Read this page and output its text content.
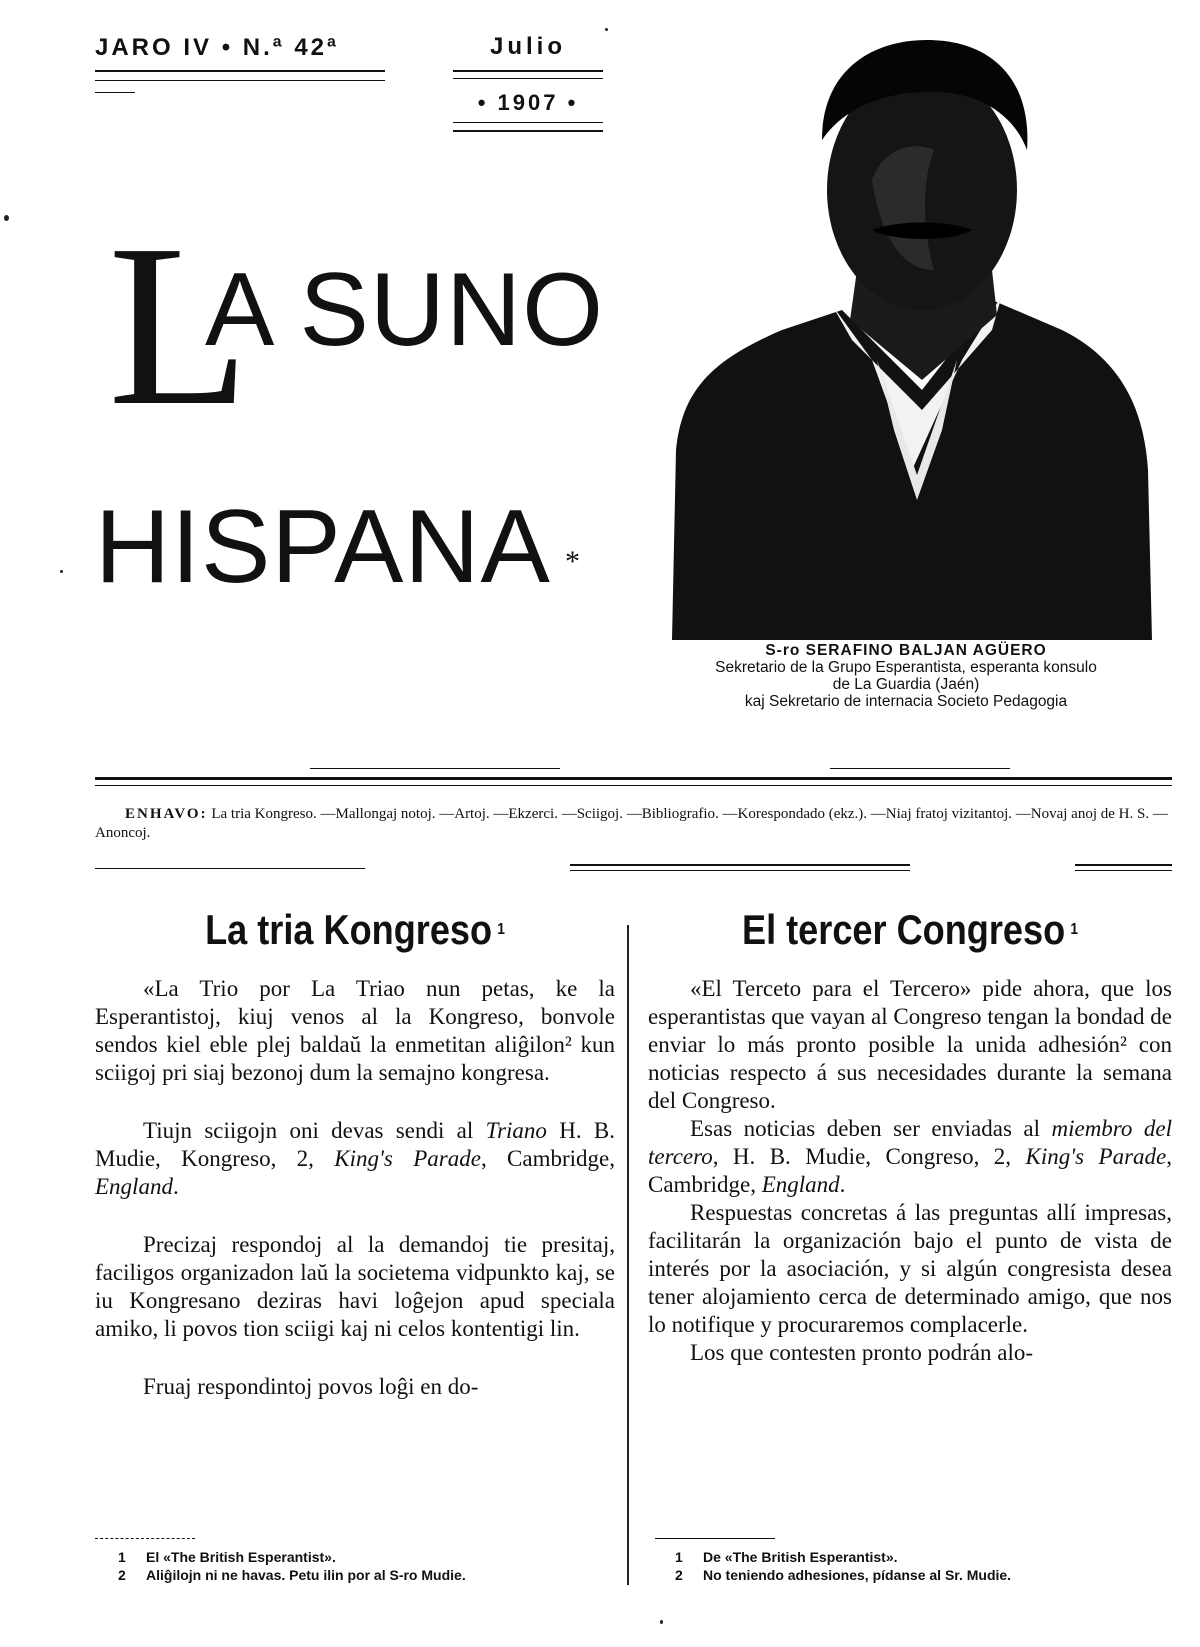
JARO IV • N.ª 42ª	Julio
• 1907 •
L
A SUNO
HISPANA *
S-ro SERAFINO BALJAN AGÜERO
Sekretario de la Grupo Esperantista, esperanta konsulo
de La Guardia (Jaén)
kaj Sekretario de internacia Societo Pedagogia
ENHAVO: La tria Kongreso. —Mallongaj notoj. —Artoj. —Ekzerci. —Sciigoj. —Bibliografio. —Korespondado (ekz.). —Niaj fratoj vizitantoj. —Novaj anoj de H. S. —Anoncoj.
La tria Kongreso $^1$

«La Trio por La Triao nun petas, ke la Esperantistoj, kiuj venos al la Kongreso, bonvole sendos kiel eble plej baldaŭ la enmetitan aliĝilon² kun sciigoj pri siaj bezonoj dum la semajno kongresa.

Tiujn sciigojn oni devas sendi al Triano H. B. Mudie, Kongreso, 2, King's Parade, Cambridge, England.

Precizaj respondoj al la demandoj tie presitaj, faciligos organizadon laŭ la societema vidpunkto kaj, se iu Kongresano deziras havi loĝejon apud speciala amiko, li povos tion sciigi kaj ni celos kontentigi lin.

Fruaj respondintoj povos loĝi en do-

El tercer Congreso $^1$

«El Terceto para el Tercero» pide ahora, que los esperantistas que vayan al Congreso tengan la bondad de enviar lo más pronto posible la unida adhesión² con noticias respecto á sus necesidades durante la semana del Congreso.

Esas noticias deben ser enviadas al miembro del tercero, H. B. Mudie, Congreso, 2, King's Parade, Cambridge, England.

Respuestas concretas á las preguntas allí impresas, facilitarán la organización bajo el punto de vista de interés por la asociación, y si algún congresista desea tener alojamiento cerca de determinado amigo, que nos lo notifique y procuraremos complacerle.

Los que contesten pronto podrán alo-

1 El «The British Esperantist».
2 Aliĝilojn ni ne havas. Petu ilin por al S-ro Mudie.
1 De «The British Esperantist».
2 No teniendo adhesiones, pídanse al Sr. Mudie.
